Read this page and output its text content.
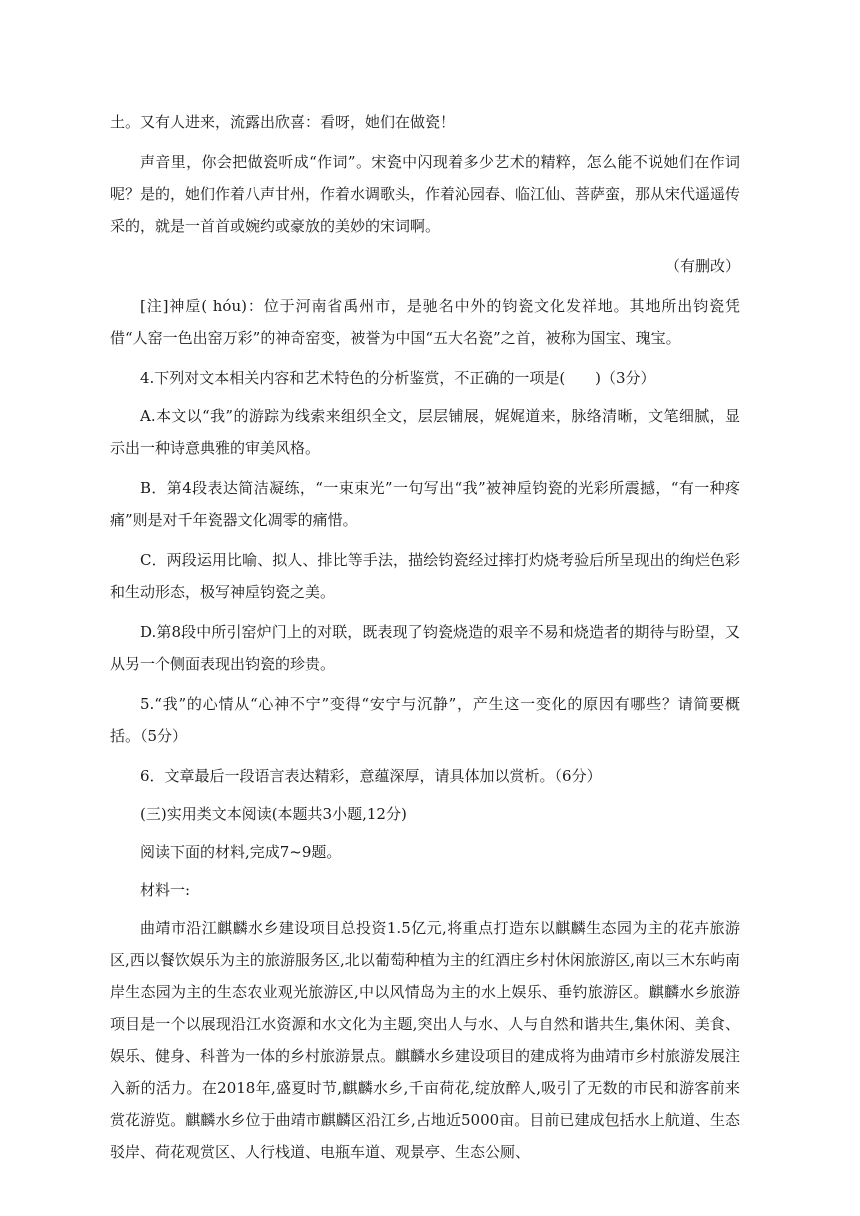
土。又有人进来，流露出欣喜：看呀，她们在做瓷！

声音里，你会把做瓷听成“作词”。宋瓷中闪现着多少艺术的精粹，怎么能不说她们在作词呢？是的，她们作着八声甘州，作着水调歌头，作着沁园春、临江仙、菩萨蛮，那从宋代遥遥传采的，就是一首首或婉约或豪放的美妙的宋词啊。

（有删改）

[注]神垕( hóu)：位于河南省禹州市，是驰名中外的钧瓷文化发祥地。其地所出钧瓷凭借“人窑一色出窑万彩”的神奇窑变，被誉为中国“五大名瓷”之首，被称为国宝、瑰宝。

4.下列对文本相关内容和艺术特色的分析鉴赏，不正确的一项是(　　)（3分）

A.本文以“我”的游踪为线索来组织全文，层层铺展，娓娓道来，脉络清晰，文笔细腻，显示出一种诗意典雅的审美风格。

B．第4段表达简洁凝练，“一束束光”一句写出“我”被神垕钧瓷的光彩所震撼，“有一种疼痛”则是对千年瓷器文化凋零的痛惜。

C．两段运用比喻、拟人、排比等手法，描绘钧瓷经过摔打灼烧考验后所呈现出的绚烂色彩和生动形态，极写神垕钧瓷之美。

D.第8段中所引窑炉门上的对联，既表现了钧瓷烧造的艰辛不易和烧造者的期待与盼望，又从另一个侧面表现出钧瓷的珍贵。

5.“我”的心情从“心神不宁”变得“安宁与沉静”，产生这一变化的原因有哪些？请简要概括。（5分）

6．文章最后一段语言表达精彩，意蕴深厚，请具体加以赏析。（6分）

(三)实用类文本阅读(本题共3小题,12分)

阅读下面的材料,完成7~9题。

材料一:

曲靖市沿江麒麟水乡建设项目总投资1.5亿元,将重点打造东以麒麟生态园为主的花卉旅游区,西以餐饮娱乐为主的旅游服务区,北以葡萄种植为主的红酒庄乡村休闲旅游区,南以三木东屿南岸生态园为主的生态农业观光旅游区,中以风情岛为主的水上娱乐、垂钓旅游区。麒麟水乡旅游项目是一个以展现沿江水资源和水文化为主题,突出人与水、人与自然和谐共生,集休闲、美食、娱乐、健身、科普为一体的乡村旅游景点。麒麟水乡建设项目的建成将为曲靖市乡村旅游发展注入新的活力。在2018年,盛夏时节,麒麟水乡,千亩荷花,绽放醉人,吸引了无数的市民和游客前来赏花游览。麒麟水乡位于曲靖市麒麟区沿江乡,占地近5000亩。目前已建成包括水上航道、生态驳岸、荷花观赏区、人行栈道、电瓶车道、观景亭、生态公厕、
